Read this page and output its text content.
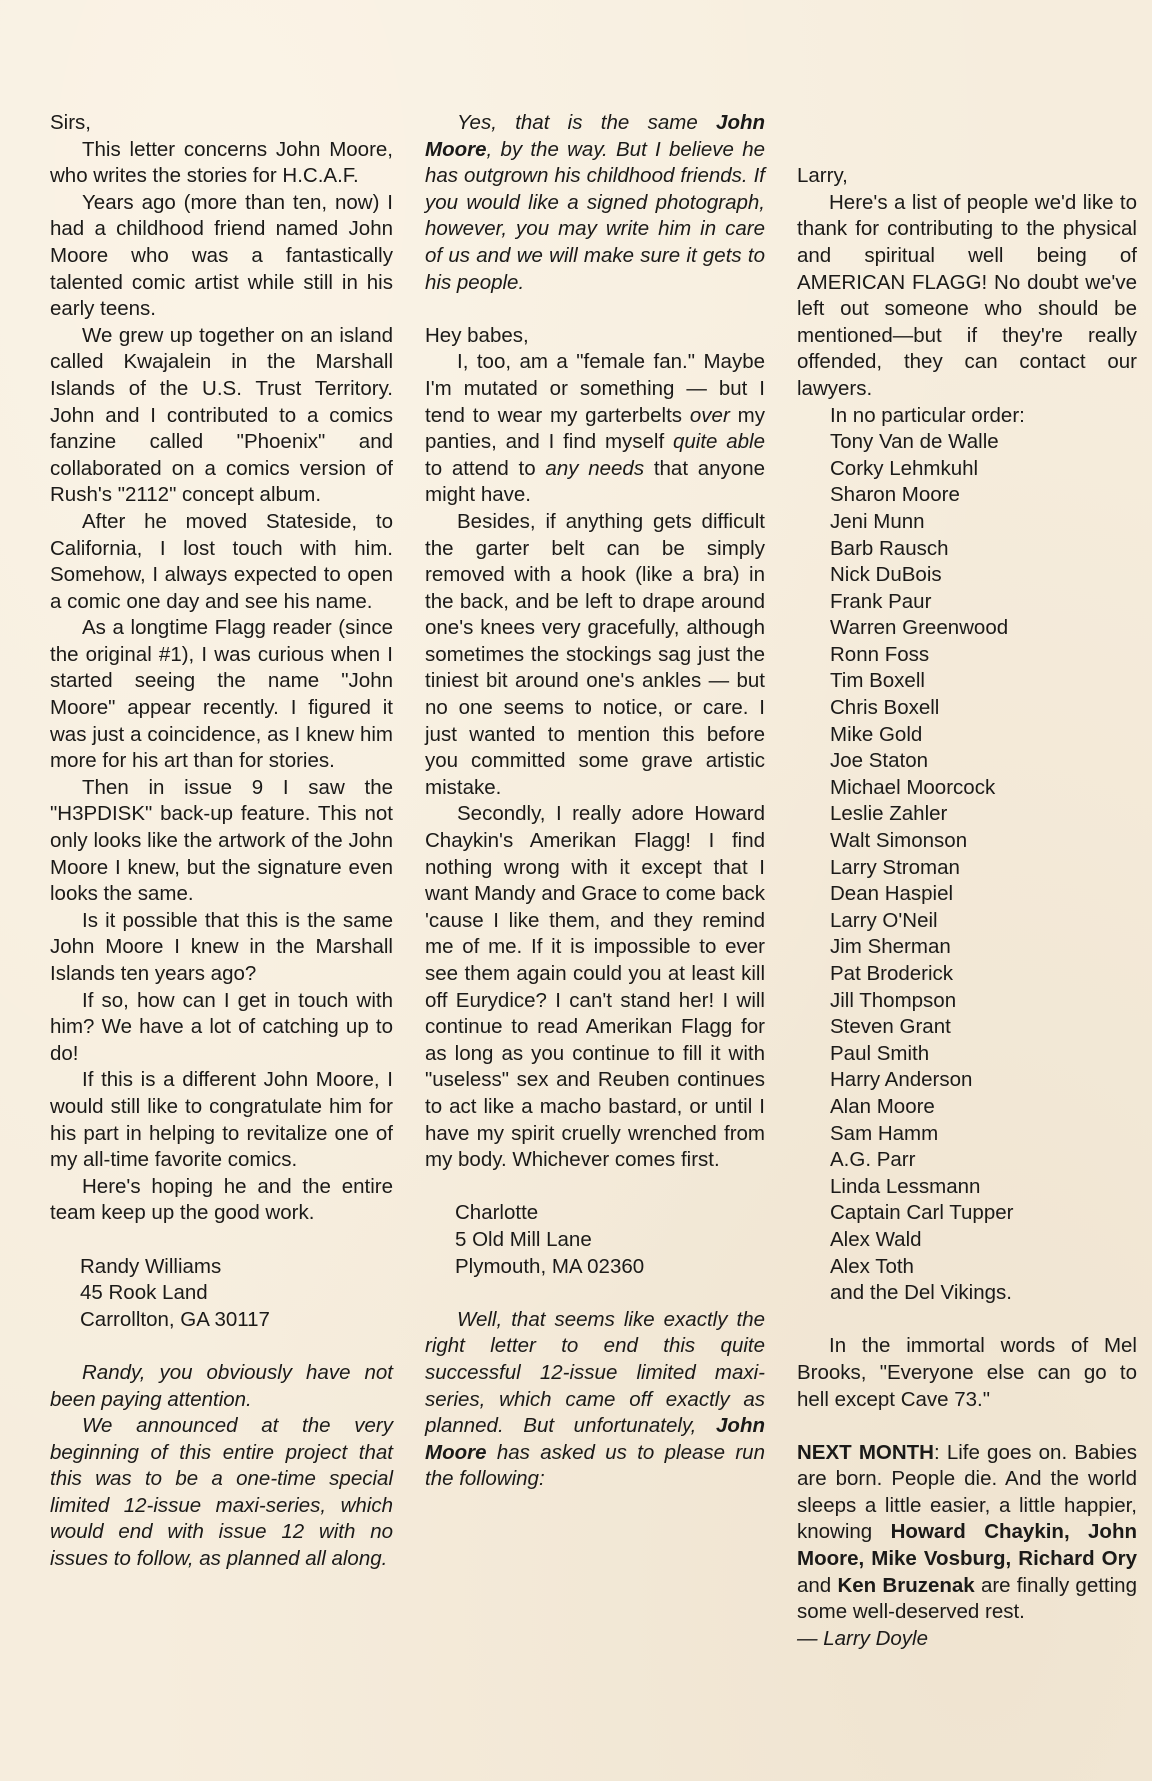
Sirs,

This letter concerns John Moore, who writes the stories for H.C.A.F.

Years ago (more than ten, now) I had a childhood friend named John Moore who was a fantastically talented comic artist while still in his early teens.

We grew up together on an island called Kwajalein in the Marshall Islands of the U.S. Trust Territory. John and I contributed to a comics fanzine called "Phoenix" and collaborated on a comics version of Rush's "2112" concept album.

After he moved Stateside, to California, I lost touch with him. Somehow, I always expected to open a comic one day and see his name.

As a longtime Flagg reader (since the original #1), I was curious when I started seeing the name "John Moore" appear recently. I figured it was just a coincidence, as I knew him more for his art than for stories.

Then in issue 9 I saw the "H3PDISK" back-up feature. This not only looks like the artwork of the John Moore I knew, but the signature even looks the same.

Is it possible that this is the same John Moore I knew in the Marshall Islands ten years ago?

If so, how can I get in touch with him? We have a lot of catching up to do!

If this is a different John Moore, I would still like to congratulate him for his part in helping to revitalize one of my all-time favorite comics.

Here's hoping he and the entire team keep up the good work.

Randy Williams

45 Rook Land

Carrollton, GA 30117

Randy, you obviously have not been paying attention.

We announced at the very beginning of this entire project that this was to be a one-time special limited 12-issue maxi-series, which would end with issue 12 with no issues to follow, as planned all along.

Yes, that is the same John Moore, by the way. But I believe he has outgrown his childhood friends. If you would like a signed photograph, however, you may write him in care of us and we will make sure it gets to his people.

Hey babes,

I, too, am a "female fan." Maybe I'm mutated or something — but I tend to wear my garterbelts over my panties, and I find myself quite able to attend to any needs that anyone might have.

Besides, if anything gets difficult the garter belt can be simply removed with a hook (like a bra) in the back, and be left to drape around one's knees very gracefully, although sometimes the stockings sag just the tiniest bit around one's ankles — but no one seems to notice, or care. I just wanted to mention this before you committed some grave artistic mistake.

Secondly, I really adore Howard Chaykin's Amerikan Flagg! I find nothing wrong with it except that I want Mandy and Grace to come back 'cause I like them, and they remind me of me. If it is impossible to ever see them again could you at least kill off Eurydice? I can't stand her! I will continue to read Amerikan Flagg for as long as you continue to fill it with "useless" sex and Reuben continues to act like a macho bastard, or until I have my spirit cruelly wrenched from my body. Whichever comes first.

Charlotte

5 Old Mill Lane

Plymouth, MA 02360

Well, that seems like exactly the right letter to end this quite successful 12-issue limited maxi-series, which came off exactly as planned. But unfortunately, John Moore has asked us to please run the following:

Larry,

Here's a list of people we'd like to thank for contributing to the physical and spiritual well being of AMERICAN FLAGG! No doubt we've left out someone who should be mentioned—but if they're really offended, they can contact our lawyers.

In no particular order:

Tony Van de Walle

Corky Lehmkuhl

Sharon Moore

Jeni Munn

Barb Rausch

Nick DuBois

Frank Paur

Warren Greenwood

Ronn Foss

Tim Boxell

Chris Boxell

Mike Gold

Joe Staton

Michael Moorcock

Leslie Zahler

Walt Simonson

Larry Stroman

Dean Haspiel

Larry O'Neil

Jim Sherman

Pat Broderick

Jill Thompson

Steven Grant

Paul Smith

Harry Anderson

Alan Moore

Sam Hamm

A.G. Parr

Linda Lessmann

Captain Carl Tupper

Alex Wald

Alex Toth

and the Del Vikings.

In the immortal words of Mel Brooks, "Everyone else can go to hell except Cave 73."

NEXT MONTH: Life goes on. Babies are born. People die. And the world sleeps a little easier, a little happier, knowing Howard Chaykin, John Moore, Mike Vosburg, Richard Ory and Ken Bruzenak are finally getting some well-deserved rest.

— Larry Doyle
